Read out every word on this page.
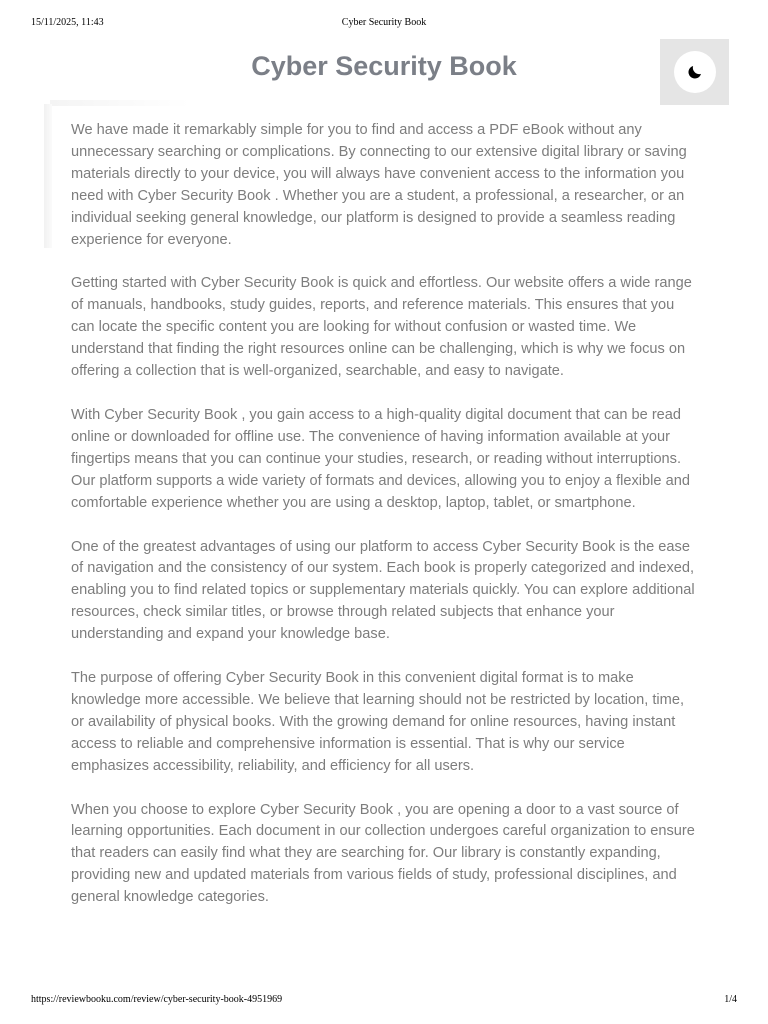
15/11/2025, 11:43	Cyber Security Book
Cyber Security Book

We have made it remarkably simple for you to find and access a PDF eBook without any unnecessary searching or complications. By connecting to our extensive digital library or saving materials directly to your device, you will always have convenient access to the information you need with Cyber Security Book . Whether you are a student, a professional, a researcher, or an individual seeking general knowledge, our platform is designed to provide a seamless reading experience for everyone.

Getting started with Cyber Security Book is quick and effortless. Our website offers a wide range of manuals, handbooks, study guides, reports, and reference materials. This ensures that you can locate the specific content you are looking for without confusion or wasted time. We understand that finding the right resources online can be challenging, which is why we focus on offering a collection that is well-organized, searchable, and easy to navigate.

With Cyber Security Book , you gain access to a high-quality digital document that can be read online or downloaded for offline use. The convenience of having information available at your fingertips means that you can continue your studies, research, or reading without interruptions. Our platform supports a wide variety of formats and devices, allowing you to enjoy a flexible and comfortable experience whether you are using a desktop, laptop, tablet, or smartphone.

One of the greatest advantages of using our platform to access Cyber Security Book is the ease of navigation and the consistency of our system. Each book is properly categorized and indexed, enabling you to find related topics or supplementary materials quickly. You can explore additional resources, check similar titles, or browse through related subjects that enhance your understanding and expand your knowledge base.

The purpose of offering Cyber Security Book in this convenient digital format is to make knowledge more accessible. We believe that learning should not be restricted by location, time, or availability of physical books. With the growing demand for online resources, having instant access to reliable and comprehensive information is essential. That is why our service emphasizes accessibility, reliability, and efficiency for all users.

When you choose to explore Cyber Security Book , you are opening a door to a vast source of learning opportunities. Each document in our collection undergoes careful organization to ensure that readers can easily find what they are searching for. Our library is constantly expanding, providing new and updated materials from various fields of study, professional disciplines, and general knowledge categories.

https://reviewbooku.com/review/cyber-security-book-4951969	1/4
